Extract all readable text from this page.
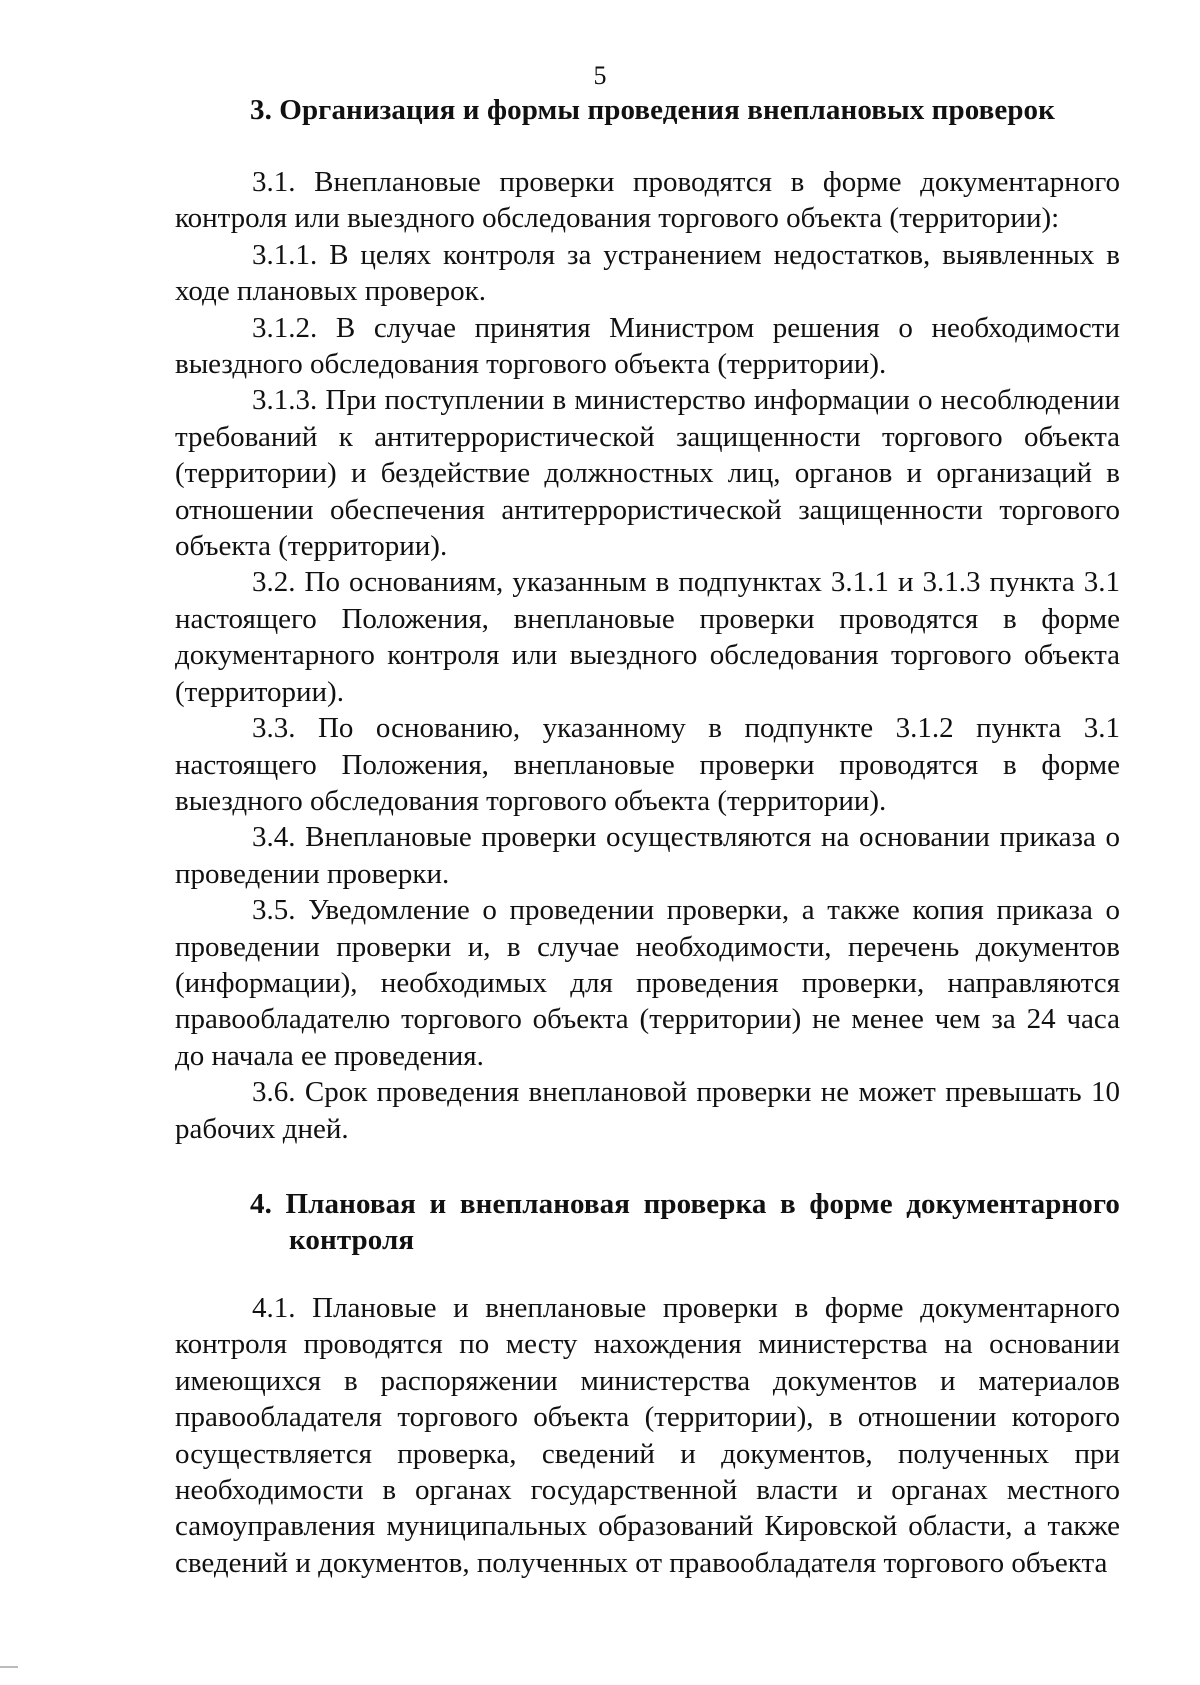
5
3. Организация и формы проведения внеплановых проверок

3.1. Внеплановые проверки проводятся в форме документарного контроля или выездного обследования торгового объекта (территории):

3.1.1. В целях контроля за устранением недостатков, выявленных в ходе плановых проверок.

3.1.2. В случае принятия Министром решения о необходимости выездного обследования торгового объекта (территории).

3.1.3. При поступлении в министерство информации о несоблюдении требований к антитеррористической защищенности торгового объекта (территории) и бездействие должностных лиц, органов и организаций в отношении обеспечения антитеррористической защищенности торгового объекта (территории).

3.2. По основаниям, указанным в подпунктах 3.1.1 и 3.1.3 пункта 3.1 настоящего Положения, внеплановые проверки проводятся в форме документарного контроля или выездного обследования торгового объекта (территории).

3.3. По основанию, указанному в подпункте 3.1.2 пункта 3.1 настоящего Положения, внеплановые проверки проводятся в форме выездного обследования торгового объекта (территории).

3.4. Внеплановые проверки осуществляются на основании приказа о проведении проверки.

3.5. Уведомление о проведении проверки, а также копия приказа о проведении проверки и, в случае необходимости, перечень документов (информации), необходимых для проведения проверки, направляются правообладателю торгового объекта (территории) не менее чем за 24 часа до начала ее проведения.

3.6. Срок проведения внеплановой проверки не может превышать 10 рабочих дней.

4. Плановая и внеплановая проверка в форме документарного
контроля

4.1. Плановые и внеплановые проверки в форме документарного контроля проводятся по месту нахождения министерства на основании имеющихся в распоряжении министерства документов и материалов правообладателя торгового объекта (территории), в отношении которого осуществляется проверка, сведений и документов, полученных при необходимости в органах государственной власти и органах местного самоуправления муниципальных образований Кировской области, а также сведений и документов, полученных от правообладателя торгового объекта
